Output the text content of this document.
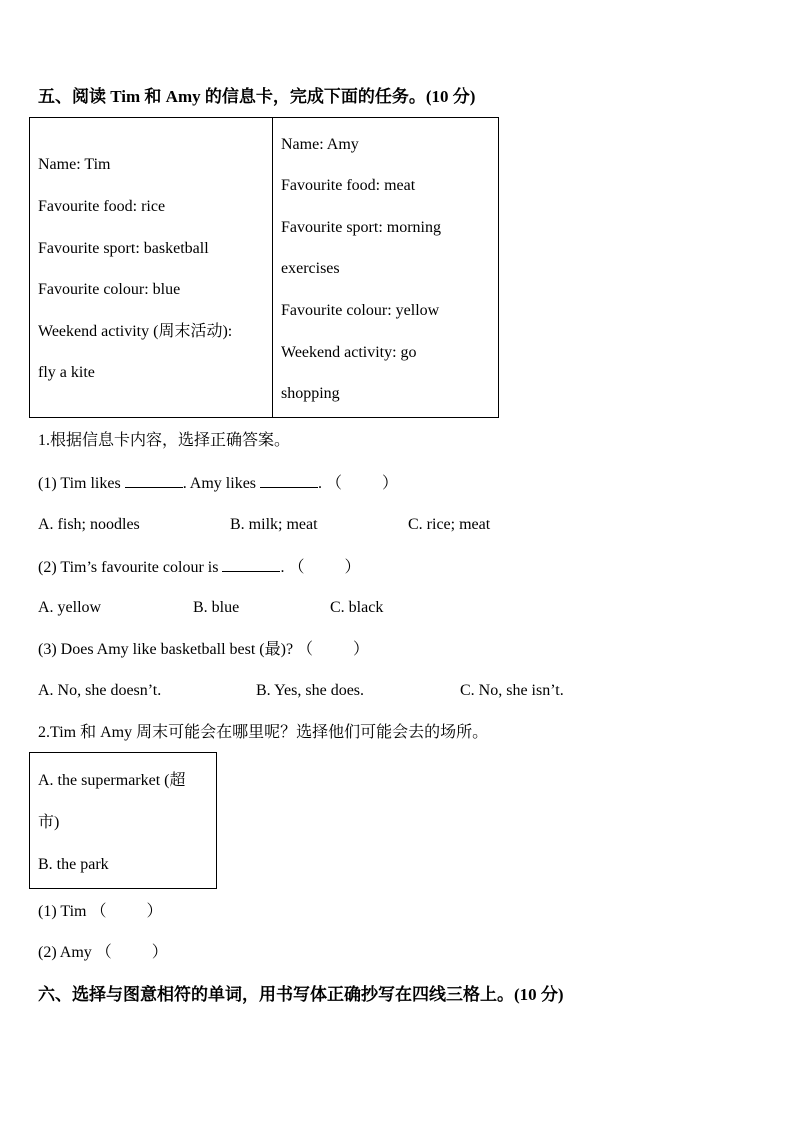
五、阅读 Tim 和 Amy 的信息卡，完成下面的任务。(10 分)
Name: Tim
Favourite food: rice
Favourite sport: basketball
Favourite colour: blue
Weekend activity (周末活动):
fly a kite
Name: Amy
Favourite food: meat
Favourite sport: morning
exercises
Favourite colour: yellow
Weekend activity: go
shopping
1.根据信息卡内容，选择正确答案。
(1) Tim likes	. Amy likes	. （          ）
A. fish; noodles	B. milk; meat	C. rice; meat
(2) Tim’s favourite colour is	. （          ）
A. yellow	B. blue	C. black
(3) Does Amy like basketball best (最)? （          ）
A. No, she doesn’t.	B. Yes, she does.	C. No, she isn’t.
2.Tim 和 Amy 周末可能会在哪里呢？选择他们可能会去的场所。
A. the supermarket (超
市)
B. the park
(1) Tim （          ）
(2) Amy （          ）
六、选择与图意相符的单词，用书写体正确抄写在四线三格上。(10 分)
